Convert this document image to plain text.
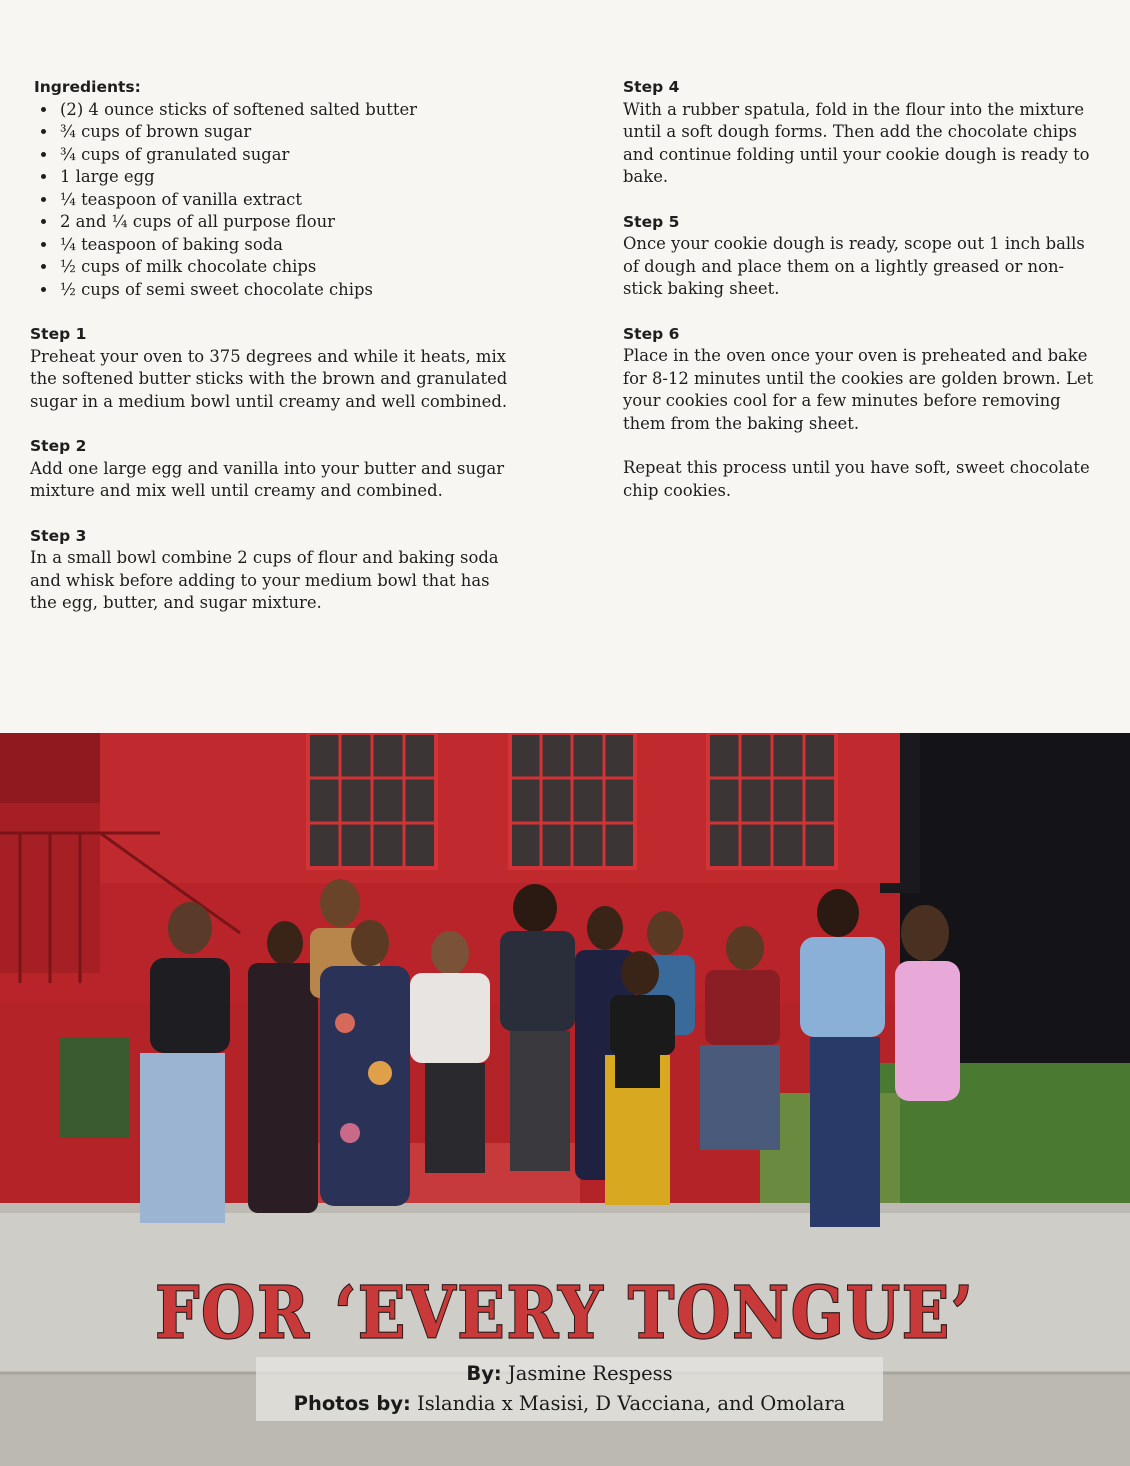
Ingredients:
• (2) 4 ounce sticks of softened salted butter
• ¾ cups of brown sugar
• ¾ cups of granulated sugar
• 1 large egg
• ¼ teaspoon of vanilla extract
• 2 and ¼ cups of all purpose flour
• ¼ teaspoon of baking soda
• ½ cups of milk chocolate chips
• ½ cups of semi sweet chocolate chips
Step 1

Preheat your oven to 375 degrees and while it heats, mix the softened butter sticks with the brown and granulated sugar in a medium bowl until creamy and well combined.

Step 2

Add one large egg and vanilla into your butter and sugar mixture and mix well until creamy and combined.

Step 3

In a small bowl combine 2 cups of flour and baking soda and whisk before adding to your medium bowl that has the egg, butter, and sugar mixture.

Step 4

With a rubber spatula, fold in the flour into the mixture until a soft dough forms. Then add the chocolate chips and continue folding until your cookie dough is ready to bake.

Step 5

Once your cookie dough is ready, scope out 1 inch balls of dough and place them on a lightly greased or non-stick baking sheet.

Step 6

Place in the oven once your oven is preheated and bake for 8-12 minutes until the cookies are golden brown. Let your cookies cool for a few minutes before removing them from the baking sheet.

Repeat this process until you have soft, sweet chocolate chip cookies.

FOR ‘EVERY TONGUE’
By: Jasmine Respess
Photos by: Islandia x Masisi, D Vacciana, and Omolara
